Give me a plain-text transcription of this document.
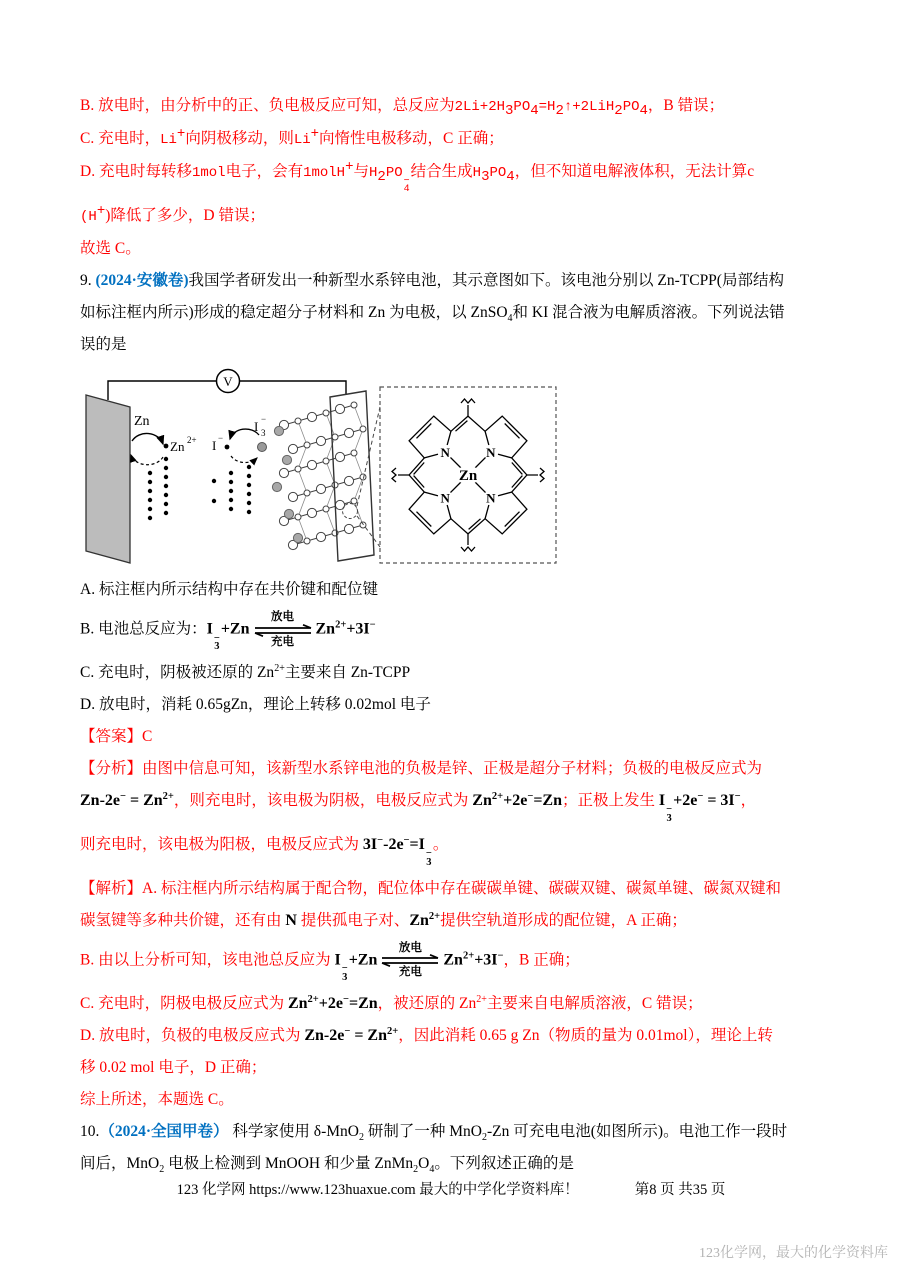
B. 放电时，由分析中的正、负电极反应可知，总反应为$2Li+2H_3PO_4=H_2↑+2LiH_2PO_4$，B 错误；

C. 充电时，Li+向阴极移动，则Li+向惰性电极移动，C 正确；

D. 充电时每转移1mol电子，会有1molH+与$H_2PO$
−
4
结合生成$H_3PO_4$，但不知道电解液体积，无法计算c

(H+)降低了多少，D 错误；

故选 C。

9. (2024·安徽卷)我国学者研发出一种新型水系锌电池，其示意图如下。该电池分别以 Zn-TCPP(局部结构

如标注框内所示)形成的稳定超分子材料和 Zn 为电极，以 ZnSO$_4$和 KI 混合液为电解质溶液。下列说法错

误的是

V
Zn
Zn 2+ I −
I −
3
N	N
N	N
Zn

A. 标注框内所示结构中存在共价键和配位键

B. 电池总反应为：I
−
3
+Zn
放电
充电
$Zn^{2+}+3I^-$

C. 充电时，阴极被还原的 $Zn^{2+}$主要来自 Zn-TCPP

D. 放电时，消耗 0.65gZn，理论上转移 0.02mol 电子

【答案】C

【分析】由图中信息可知，该新型水系锌电池的负极是锌、正极是超分子材料；负极的电极反应式为

$Zn-2e^- = Zn^{2+}$，则充电时，该电极为阴极，电极反应式为 $Zn^{2+}+2e^-=Zn$；正极上发生 I
−
3
+2e− = 3I−，

则充电时，该电极为阳极，电极反应式为 3I−-2e−=I
−
3
。

【解析】A. 标注框内所示结构属于配合物，配位体中存在碳碳单键、碳碳双键、碳氮单键、碳氮双键和

碳氢键等多种共价键，还有由 N 提供孤电子对、$Zn^{2+}$提供空轨道形成的配位键，A 正确；

B. 由以上分析可知，该电池总反应为 I
−
3
+Zn
放电
充电
$Zn^{2+}+3I^-$，B 正确；

C. 充电时，阴极电极反应式为 $Zn^{2+}+2e^-=Zn$，被还原的 $Zn^{2+}$主要来自电解质溶液，C 错误；

D. 放电时，负极的电极反应式为 $Zn-2e^- = Zn^{2+}$，因此消耗 0.65 g Zn（物质的量为 0.01mol），理论上转

移 0.02 mol 电子，D 正确；

综上所述，本题选 C。

10.（2024·全国甲卷） 科学家使用 δ-MnO$_2$ 研制了一种 MnO$_2$-Zn 可充电电池(如图所示)。电池工作一段时

间后，MnO$_2$ 电极上检测到 MnOOH 和少量 $ZnMn_2O_4$。下列叙述正确的是

123 化学网 https://www.123huaxue.com 最大的中学化学资料库！	第8 页 共35 页
123化学网，最大的化学资料库
